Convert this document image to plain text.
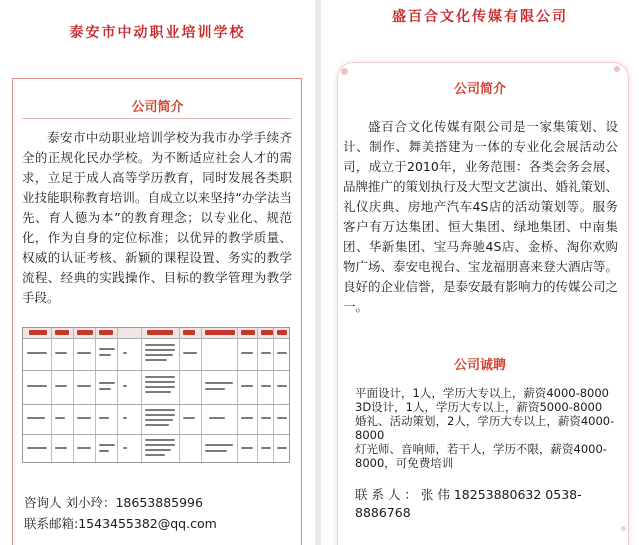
泰安市中动职业培训学校
公司简介

泰安市中动职业培训学校为我市办学手续齐全的正规化民办学校。为不断适应社会人才的需求，立足于成人高等学历教育，同时发展各类职业技能职称教育培训。自成立以来坚持“办学法当先、育人德为本”的教育理念；以专业化、规范化，作为自身的定位标准；以优异的教学质量、权威的认证考核、新颖的课程设置、务实的教学流程、经典的实践操作、目标的教学管理为教学手段。

咨询人 刘小玲：18653885996
联系邮箱:1543455382@qq.com
盛百合文化传媒有限公司
公司简介

盛百合文化传媒有限公司是一家集策划、设计、制作、舞美搭建为一体的专业化会展活动公司，成立于2010年，业务范围：各类会务会展、品牌推广的策划执行及大型文艺演出、婚礼策划、礼仪庆典、房地产汽车4S店的活动策划等。服务客户有万达集团、恒大集团、绿地集团、中南集团、华新集团、宝马奔驰4S店、金桥、淘你欢购物广场、泰安电视台、宝龙福朋喜来登大酒店等。良好的企业信誉，是泰安最有影响力的传媒公司之一。

公司诚聘
平面设计，1人，学历大专以上，薪资4000-8000
3D设计，1人，学历大专以上，薪资5000-8000
婚礼、活动策划，2人，学历大专以上，薪资4000-8000
灯光师、音响师，若干人，学历不限，薪资4000-8000，可免费培训
联 系 人 ： 张 伟 18253880632 0538-8886768
